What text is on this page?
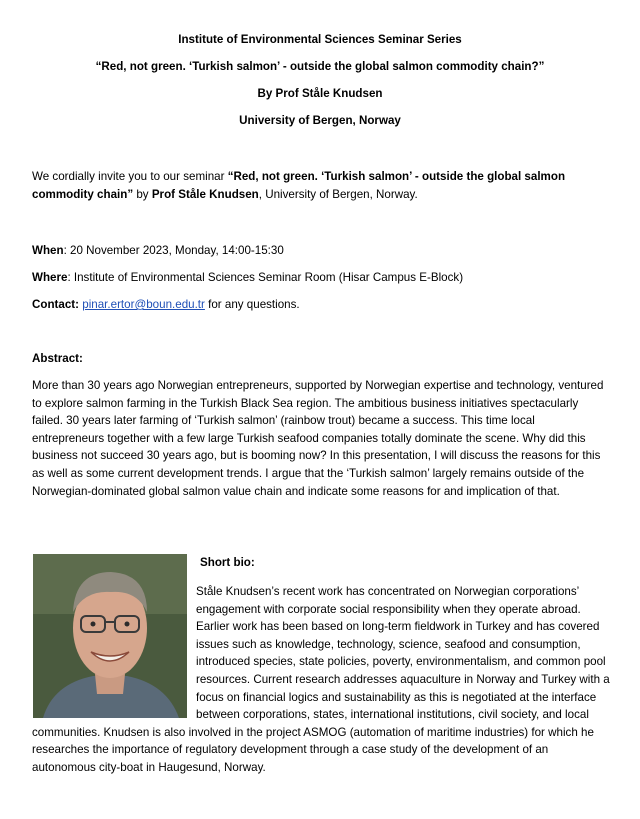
Institute of Environmental Sciences Seminar Series
“Red, not green. ‘Turkish salmon’ - outside the global salmon commodity chain?”
By Prof Ståle Knudsen
University of Bergen, Norway
We cordially invite you to our seminar “Red, not green. ‘Turkish salmon’ - outside the global salmon commodity chain” by Prof Ståle Knudsen, University of Bergen, Norway.
When: 20 November 2023, Monday, 14:00-15:30
Where: Institute of Environmental Sciences Seminar Room (Hisar Campus E-Block)
Contact: pinar.ertor@boun.edu.tr for any questions.
Abstract:
More than 30 years ago Norwegian entrepreneurs, supported by Norwegian expertise and technology, ventured to explore salmon farming in the Turkish Black Sea region. The ambitious business initiatives spectacularly failed. 30 years later farming of ‘Turkish salmon’ (rainbow trout) became a success. This time local entrepreneurs together with a few large Turkish seafood companies totally dominate the scene. Why did this business not succeed 30 years ago, but is booming now? In this presentation, I will discuss the reasons for this as well as some current development trends. I argue that the ‘Turkish salmon’ largely remains outside of the Norwegian-dominated global salmon value chain and indicate some reasons for and implication of that.
Short bio:
Ståle Knudsen’s recent work has concentrated on Norwegian corporations’ engagement with corporate social responsibility when they operate abroad. Earlier work has been based on long-term fieldwork in Turkey and has covered issues such as knowledge, technology, science, seafood and consumption, introduced species, state policies, poverty, environmentalism, and common pool resources. Current research addresses aquaculture in Norway and Turkey with a focus on financial logics and sustainability as this is negotiated at the interface between corporations, states, international institutions, civil society, and local communities. Knudsen is also involved in the project ASMOG (automation of maritime industries) for which he researches the importance of regulatory development through a case study of the development of an autonomous city-boat in Haugesund, Norway.
